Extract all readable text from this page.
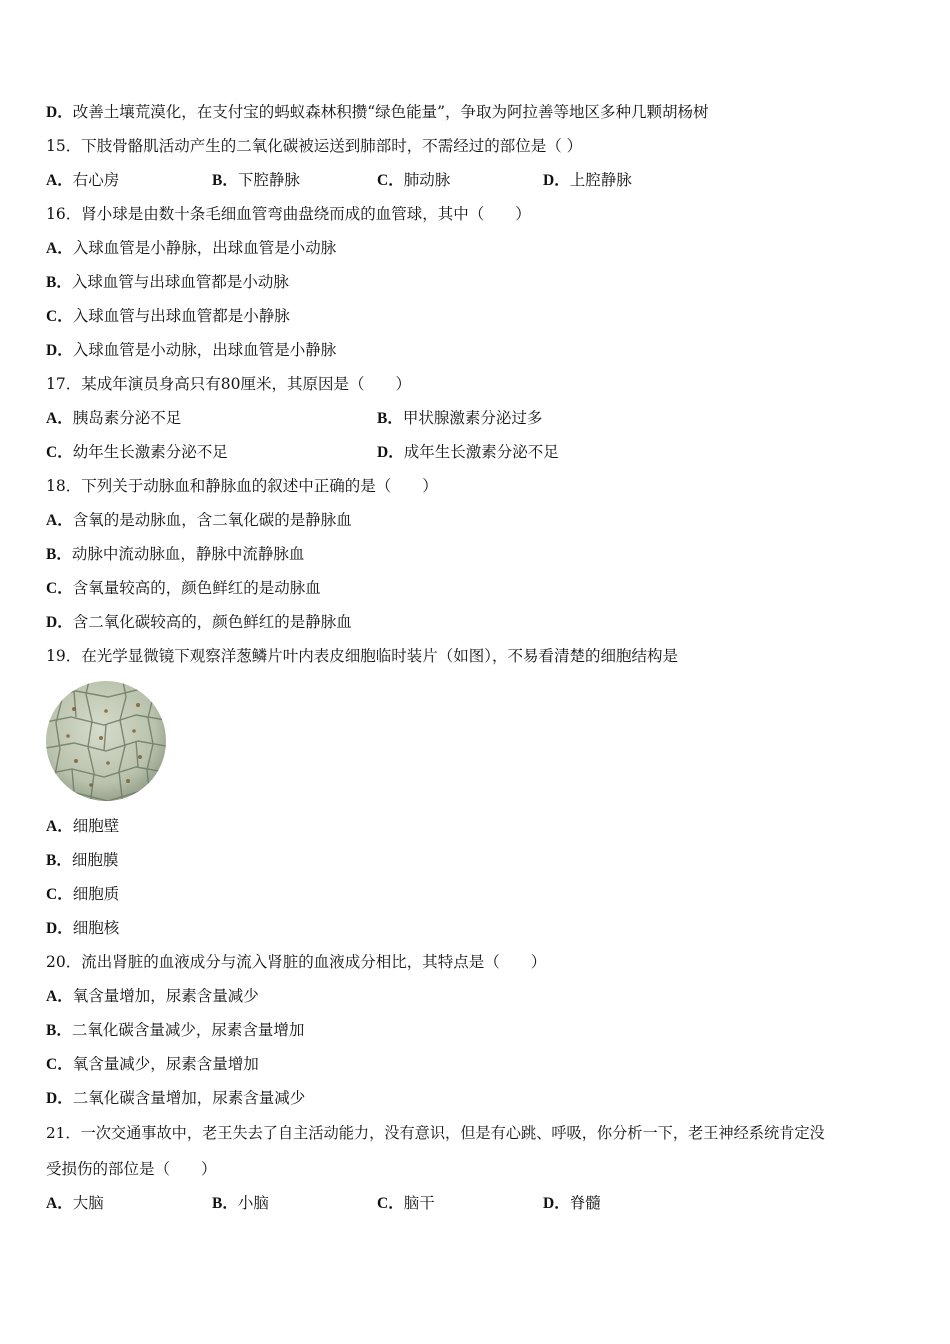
D．改善土壤荒漠化，在支付宝的蚂蚁森林积攒“绿色能量”，争取为阿拉善等地区多种几颗胡杨树
15．下肢骨骼肌活动产生的二氧化碳被运送到肺部时，不需经过的部位是（ ）
A．右心房	B．下腔静脉	C．肺动脉	D．上腔静脉
16．肾小球是由数十条毛细血管弯曲盘绕而成的血管球，其中（　　）
A．入球血管是小静脉，出球血管是小动脉
B．入球血管与出球血管都是小动脉
C．入球血管与出球血管都是小静脉
D．入球血管是小动脉，出球血管是小静脉
17．某成年演员身高只有80厘米，其原因是（　　）
A．胰岛素分泌不足	B．甲状腺激素分泌过多
C．幼年生长激素分泌不足	D．成年生长激素分泌不足
18．下列关于动脉血和静脉血的叙述中正确的是（　　）
A．含氧的是动脉血，含二氧化碳的是静脉血
B．动脉中流动脉血，静脉中流静脉血
C．含氧量较高的，颜色鲜红的是动脉血
D．含二氧化碳较高的，颜色鲜红的是静脉血
19．在光学显微镜下观察洋葱鳞片叶内表皮细胞临时装片（如图），不易看清楚的细胞结构是
A．细胞壁
B．细胞膜
C．细胞质
D．细胞核
20．流出肾脏的血液成分与流入肾脏的血液成分相比，其特点是（　　）
A．氧含量增加，尿素含量减少
B．二氧化碳含量减少，尿素含量增加
C．氧含量减少，尿素含量增加
D．二氧化碳含量增加，尿素含量减少
21．一次交通事故中，老王失去了自主活动能力，没有意识，但是有心跳、呼吸，你分析一下，老王神经系统肯定没
受损伤的部位是（　　）
A．大脑	B．小脑	C．脑干	D．脊髓
